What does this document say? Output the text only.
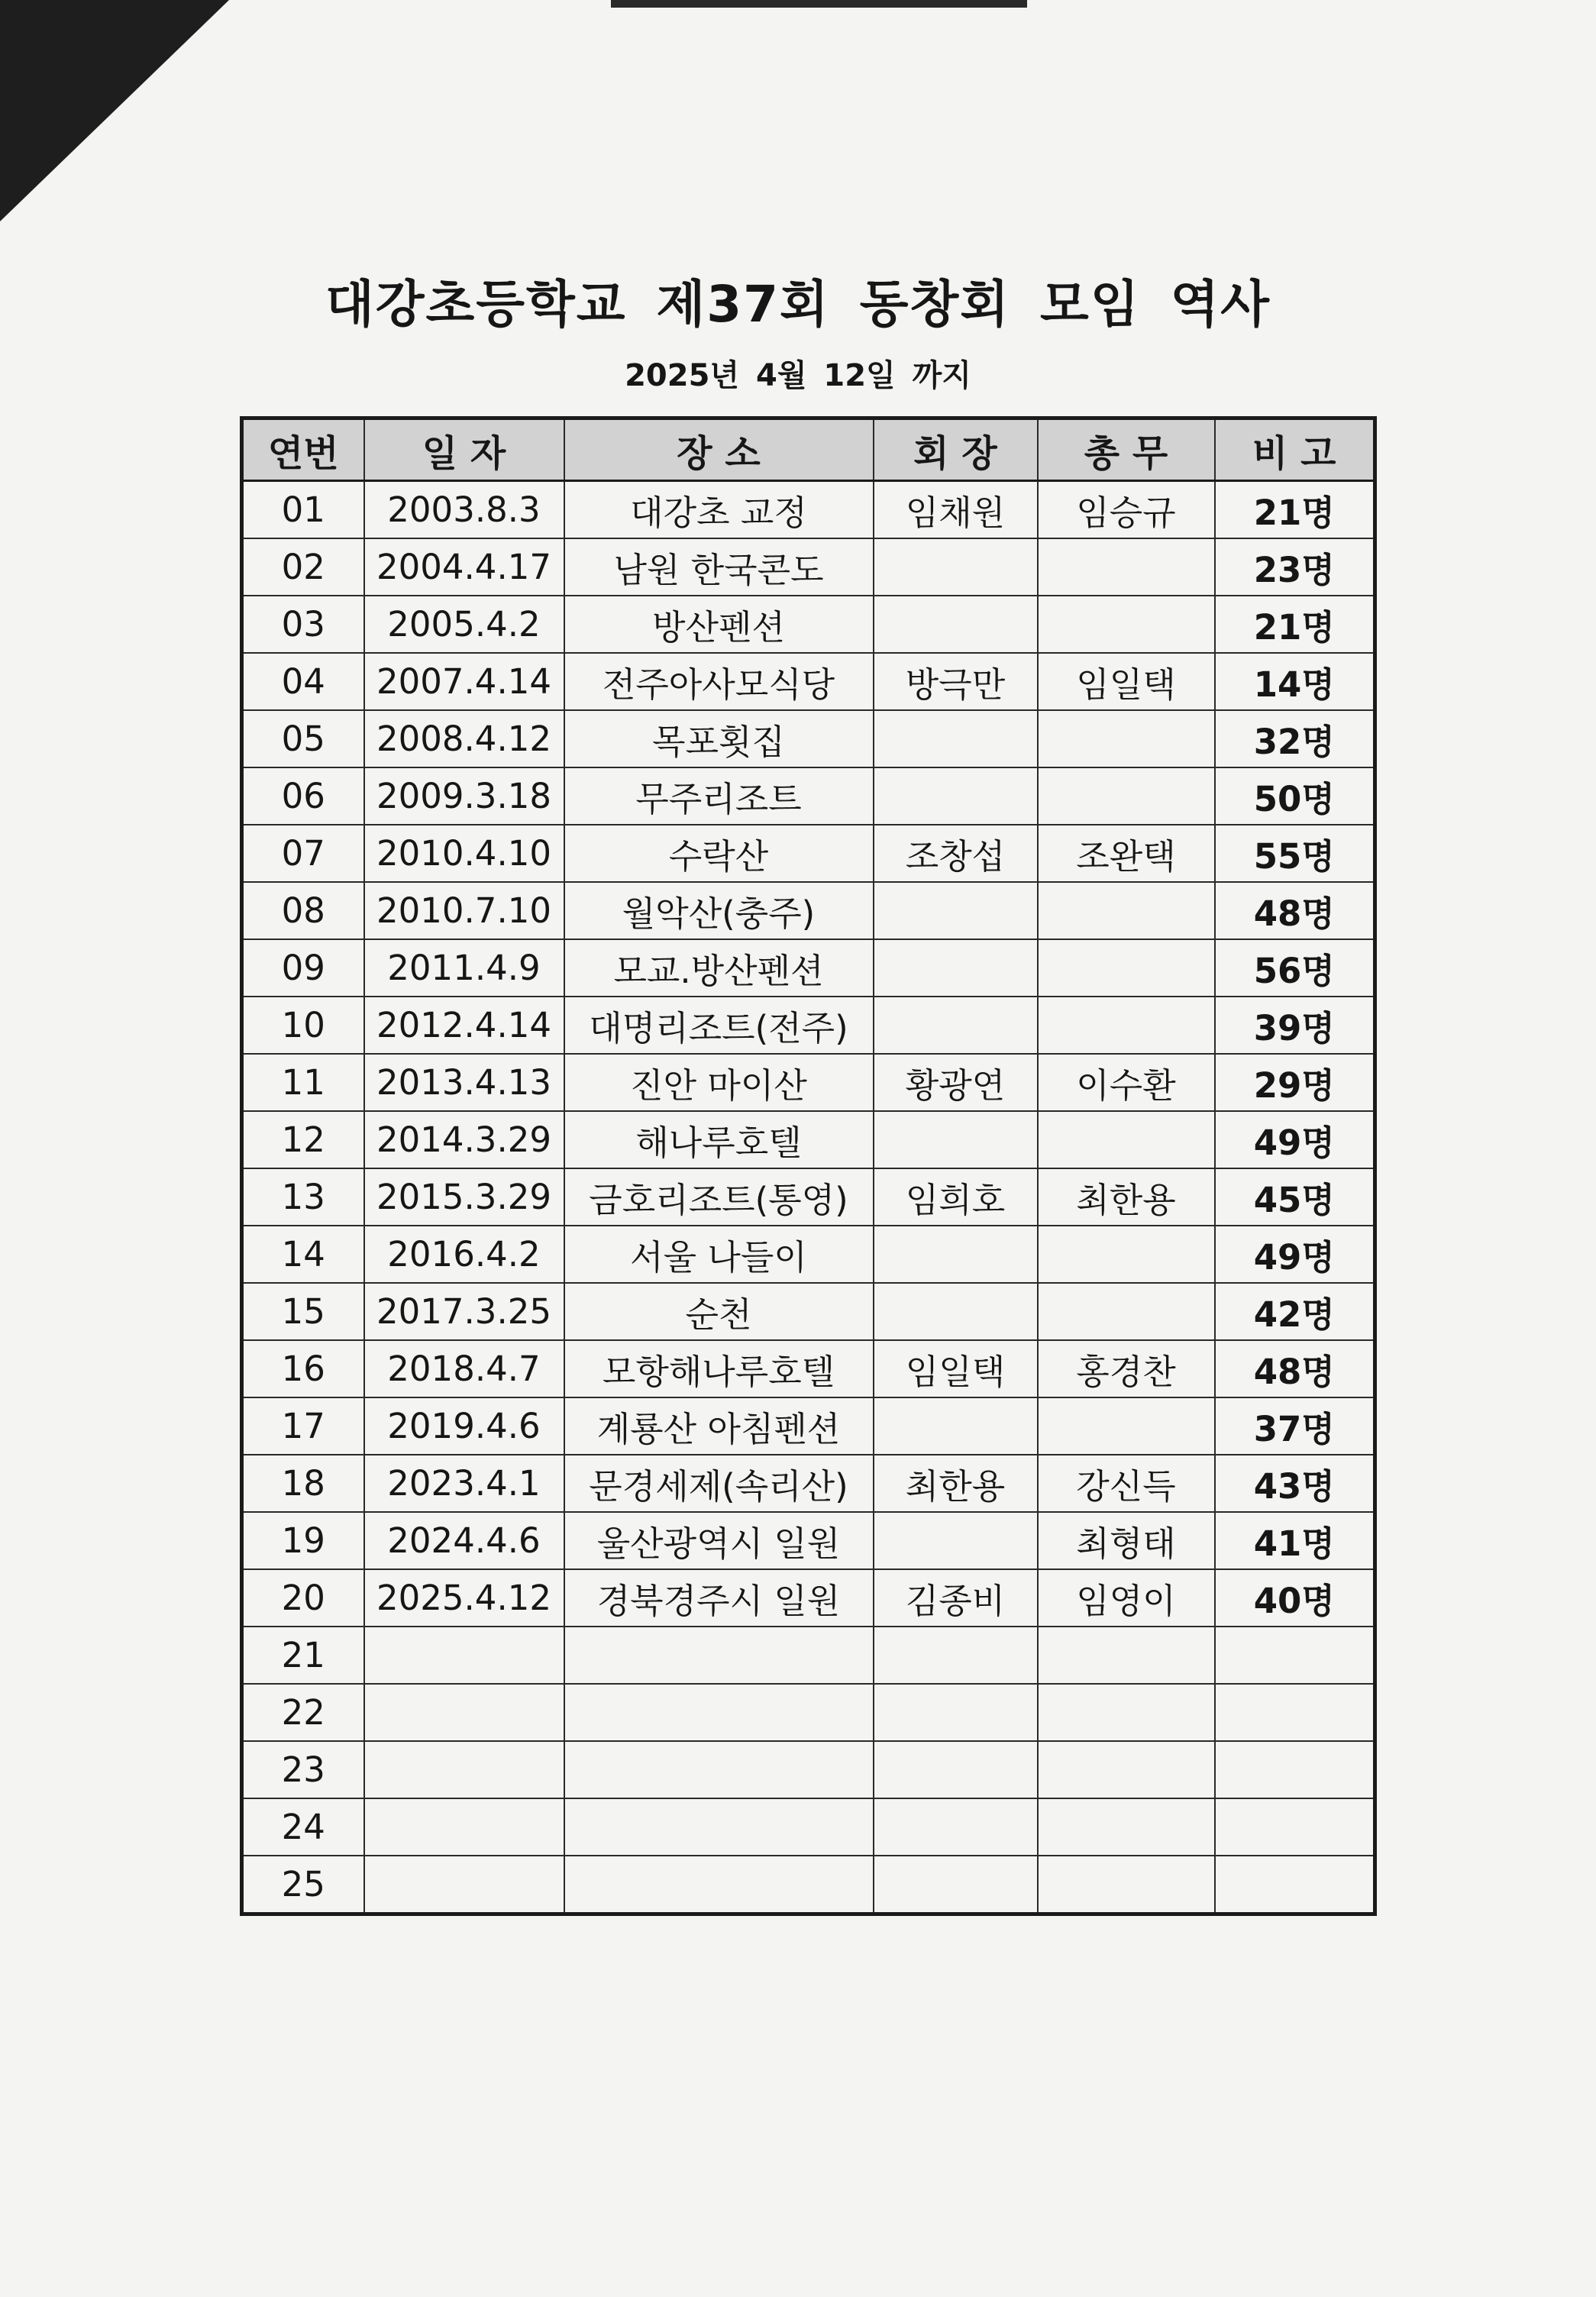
대강초등학교 제37회 동창회 모임 역사
2025년 4월 12일 까지
연번	일 자	장 소	회 장	총 무	비 고
01	2003.8.3	대강초 교정	임채원	임승규	21명
02	2004.4.17	남원 한국콘도			23명
03	2005.4.2	방산펜션			21명
04	2007.4.14	전주아사모식당	방극만	임일택	14명
05	2008.4.12	목포횟집			32명
06	2009.3.18	무주리조트			50명
07	2010.4.10	수락산	조창섭	조완택	55명
08	2010.7.10	월악산(충주)			48명
09	2011.4.9	모교.방산펜션			56명
10	2012.4.14	대명리조트(전주)			39명
11	2013.4.13	진안 마이산	황광연	이수환	29명
12	2014.3.29	해나루호텔			49명
13	2015.3.29	금호리조트(통영)	임희호	최한용	45명
14	2016.4.2	서울 나들이			49명
15	2017.3.25	순천			42명
16	2018.4.7	모항해나루호텔	임일택	홍경찬	48명
17	2019.4.6	계룡산 아침펜션			37명
18	2023.4.1	문경세제(속리산)	최한용	강신득	43명
19	2024.4.6	울산광역시 일원		최형태	41명
20	2025.4.12	경북경주시 일원	김종비	임영이	40명
21					
22					
23					
24					
25					
